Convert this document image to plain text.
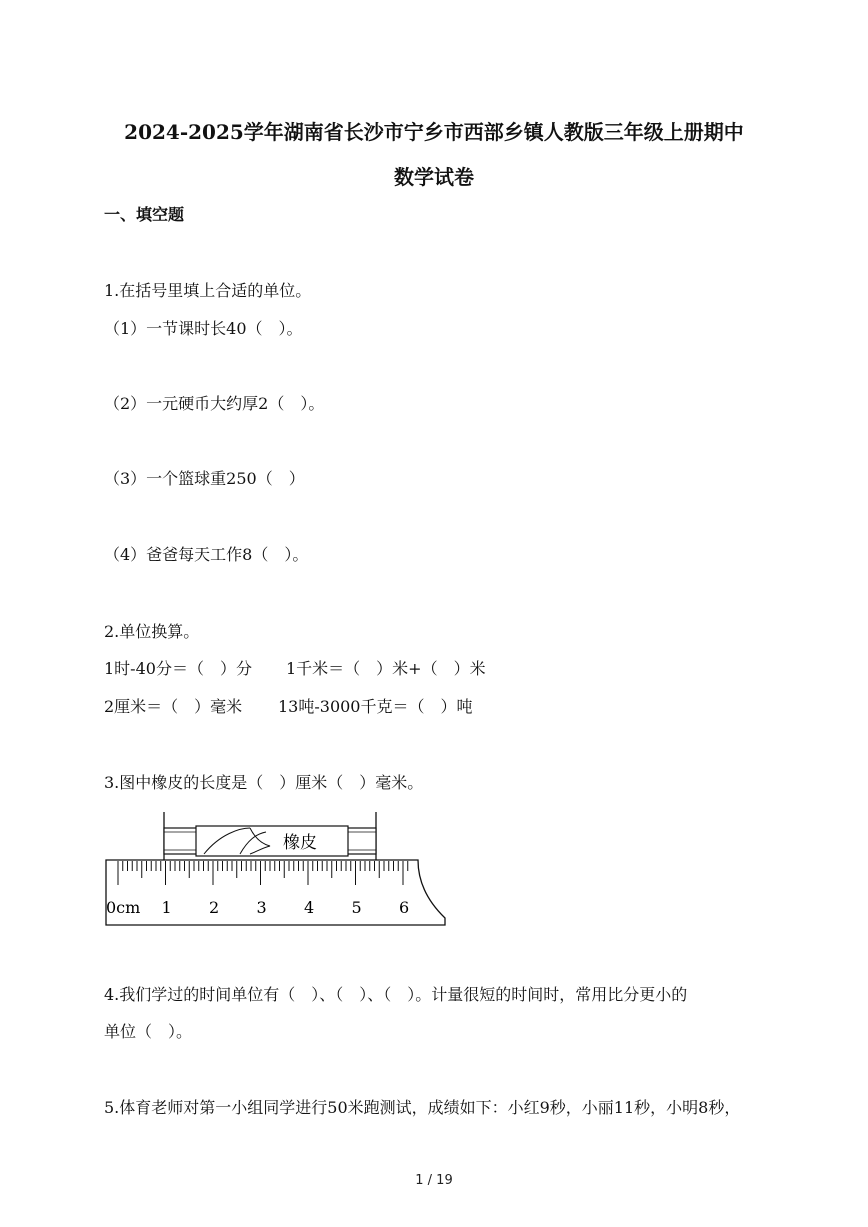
2024-2025学年湖南省长沙市宁乡市西部乡镇人教版三年级上册期中
数学试卷
一、填空题
1.在括号里填上合适的单位。
（1）一节课时长40（　）。
（2）一元硬币大约厚2（　）。
（3）一个篮球重250（　）
（4）爸爸每天工作8（　）。
2.单位换算。
1时-40分＝（　）分 1千米＝（　）米+（　）米
2厘米＝（　）毫米 13吨-3000千克＝（　）吨
3.图中橡皮的长度是（　）厘米（　）毫米。
橡皮
0cm 1 2 3 4 5 6
4.我们学过的时间单位有（　）、（　）、（　）。计量很短的时间时，常用比分更小的
单位（　）。
5.体育老师对第一小组同学进行50米跑测试，成绩如下：小红9秒，小丽11秒，小明8秒，
1 / 19
